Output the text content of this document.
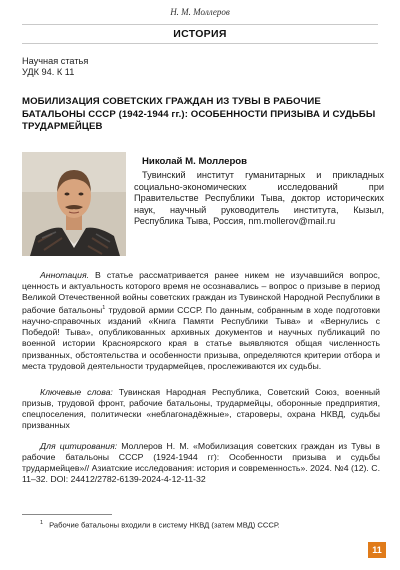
Н. М. Моллеров
ИСТОРИЯ
Научная статья
УДК 94. К 11
МОБИЛИЗАЦИЯ СОВЕТСКИХ ГРАЖДАН ИЗ ТУВЫ В РАБОЧИЕ БАТАЛЬОНЫ СССР (1942-1944 гг.): ОСОБЕННОСТИ ПРИЗЫВА И СУДЬБЫ ТРУДАРМЕЙЦЕВ
Николай М. Моллеров
Тувинский институт гуманитарных и прикладных социально-экономических исследований при Правительстве Республики Тыва, доктор исторических наук, научный руководитель института, Кызыл, Республика Тыва, Россия, nm.mollerov@mail.ru
Аннотация. В статье рассматривается ранее никем не изучавшийся вопрос, ценность и актуальность которого время не осознавались – вопрос о призыве в период Великой Отечественной войны советских граждан из Тувинской Народной Республики в рабочие батальоны$^1$ трудовой армии СССР. По данным, собранным в ходе подготовки научно-справочных изданий «Книга Памяти Республики Тыва» и «Вернулись с Победой! Тыва», опубликованных архивных документов и научных публикаций по военной истории Красноярского края в статье выявляются общая численность призванных, обстоятельства и особенности призыва, определяются критерии отбора и места трудовой деятельности трудармейцев, прослеживаются их судьбы.
Ключевые слова: Тувинская Народная Республика, Советский Союз, военный призыв, трудовой фронт, рабочие батальоны, трудармейцы, оборонные предприятия, спецпоселения, политически «неблагонадёжные», староверы, охрана НКВД, судьбы призванных
Для цитирования: Моллеров Н. М. «Мобилизация советских граждан из Тувы в рабочие батальоны СССР (1924-1944 гг): Особенности призыва и судьбы трудармейцев»// Азиатские исследования: история и современность». 2024. №4 (12). С. 11–32. DOI: 24412/2782-6139-2024-4-12-11-32
$^1$ Рабочие батальоны входили в систему НКВД (затем МВД) СССР.
11
